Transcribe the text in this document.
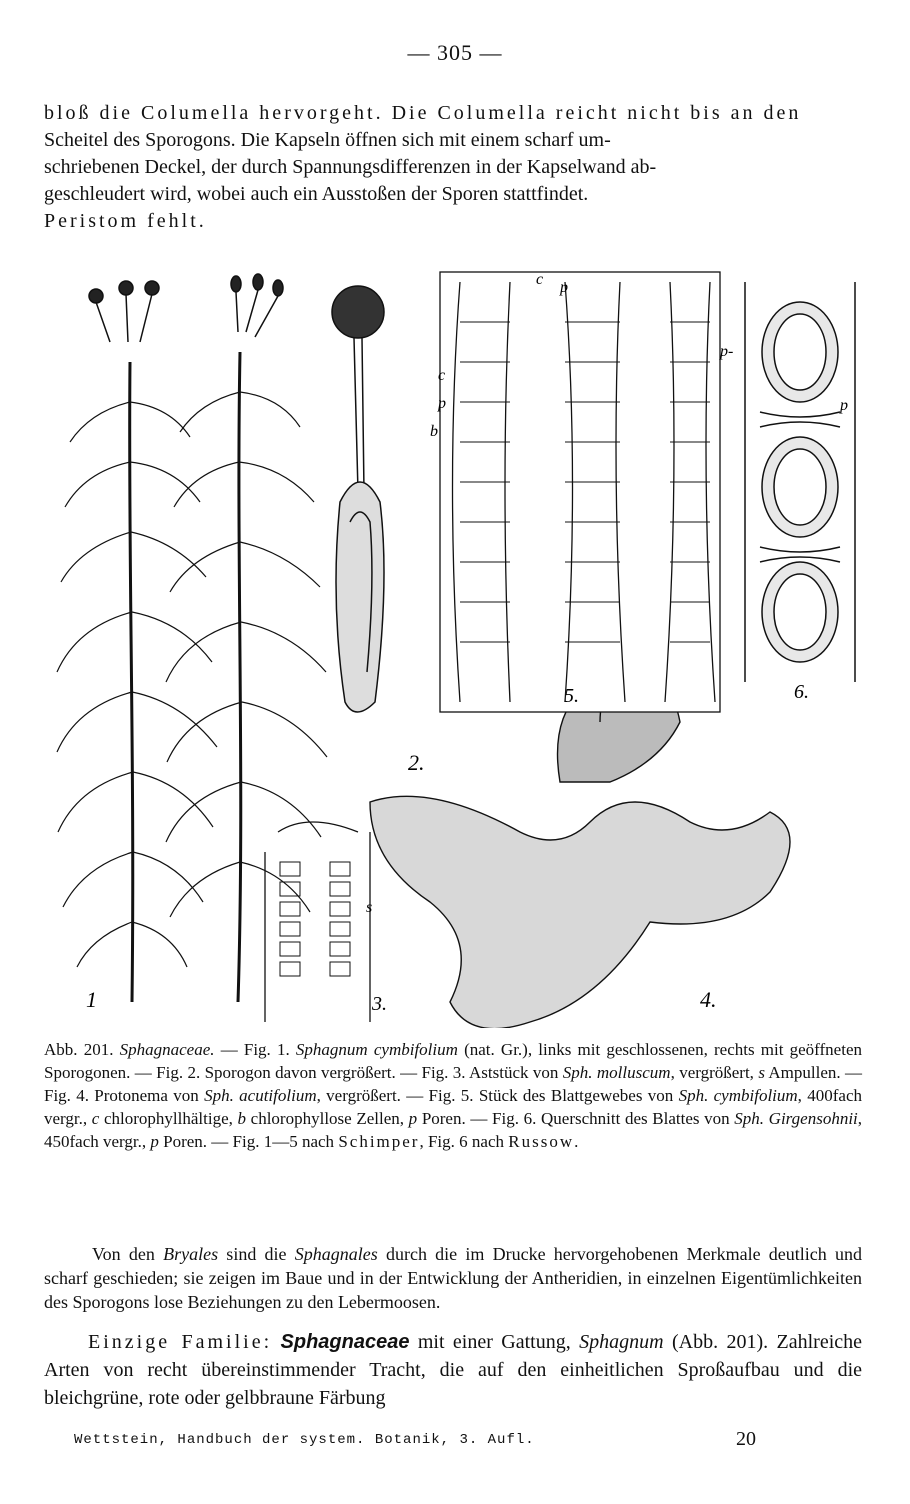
— 305 —
bloß die Columella hervorgeht. Die Columella reicht nicht bis an den
Scheitel des Sporogons. Die Kapseln öffnen sich mit einem scharf um-
schriebenen Deckel, der durch Spannungsdifferenzen in der Kapselwand ab-
geschleudert wird, wobei auch ein Ausstoßen der Sporen stattfindet.
Peristom fehlt.
1
2.
3.	4.
5.	6.
c p
c
p
b
p-
p
s
Abb. 201. Sphagnaceae. — Fig. 1. Sphagnum cymbifolium (nat. Gr.), links mit geschlossenen, rechts mit geöffneten Sporogonen. — Fig. 2. Sporogon davon vergrößert. — Fig. 3. Aststück von Sph. molluscum, vergrößert, s Ampullen. — Fig. 4. Protonema von Sph. acutifolium, vergrößert. — Fig. 5. Stück des Blattgewebes von Sph. cymbifolium, 400fach vergr., c chlorophyllhältige, b chlorophyllose Zellen, p Poren. — Fig. 6. Querschnitt des Blattes von Sph. Girgensohnii, 450fach vergr., p Poren. — Fig. 1—5 nach Schimper, Fig. 6 nach Russow.
Von den Bryales sind die Sphagnales durch die im Drucke hervorgehobenen Merkmale deutlich und scharf geschieden; sie zeigen im Baue und in der Entwicklung der Antheridien, in einzelnen Eigentümlichkeiten des Sporogons lose Beziehungen zu den Lebermoosen.
Einzige Familie: Sphagnaceae mit einer Gattung, Sphagnum (Abb. 201). Zahlreiche Arten von recht übereinstimmender Tracht, die auf den einheitlichen Sproßaufbau und die bleichgrüne, rote oder gelbbraune Färbung
Wettstein, Handbuch der system. Botanik, 3. Aufl.	20
